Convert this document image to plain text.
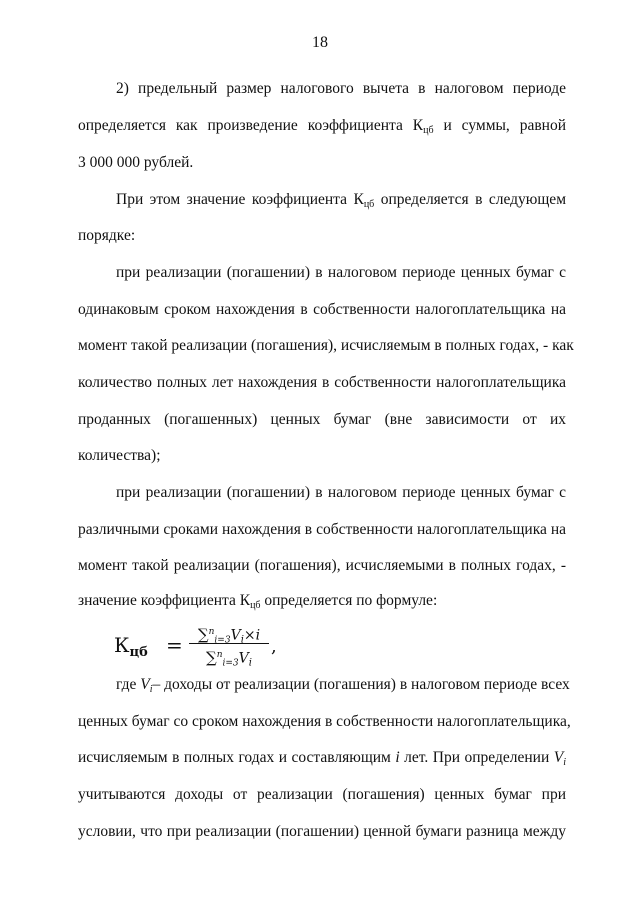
18
2) предельный размер налогового вычета в налоговом периоде
определяется как произведение коэффициента $К_{цб}$ и суммы, равной
3 000 000 рублей.
При этом значение коэффициента $К_{цб}$ определяется в следующем
порядке:
при реализации (погашении) в налоговом периоде ценных бумаг с
одинаковым сроком нахождения в собственности налогоплательщика на
момент такой реализации (погашения), исчисляемым в полных годах, - как
количество полных лет нахождения в собственности налогоплательщика
проданных (погашенных) ценных бумаг (вне зависимости от их
количества);
при реализации (погашении) в налоговом периоде ценных бумаг с
различными сроками нахождения в собственности налогоплательщика на
момент такой реализации (погашения), исчисляемыми в полных годах, -
значение коэффициента $К_{цб}$ определяется по формуле:
$К_{цб}$ =	$\sum^n_{i=3}V_i\times i$
$\sum^n_{i=3}V_i$
,
где $V_i-$ доходы от реализации (погашения) в налоговом периоде всех
ценных бумаг со сроком нахождения в собственности налогоплательщика,
исчисляемым в полных годах и составляющим i лет. При определении $V_i$
учитываются доходы от реализации (погашения) ценных бумаг при
условии, что при реализации (погашении) ценной бумаги разница между
